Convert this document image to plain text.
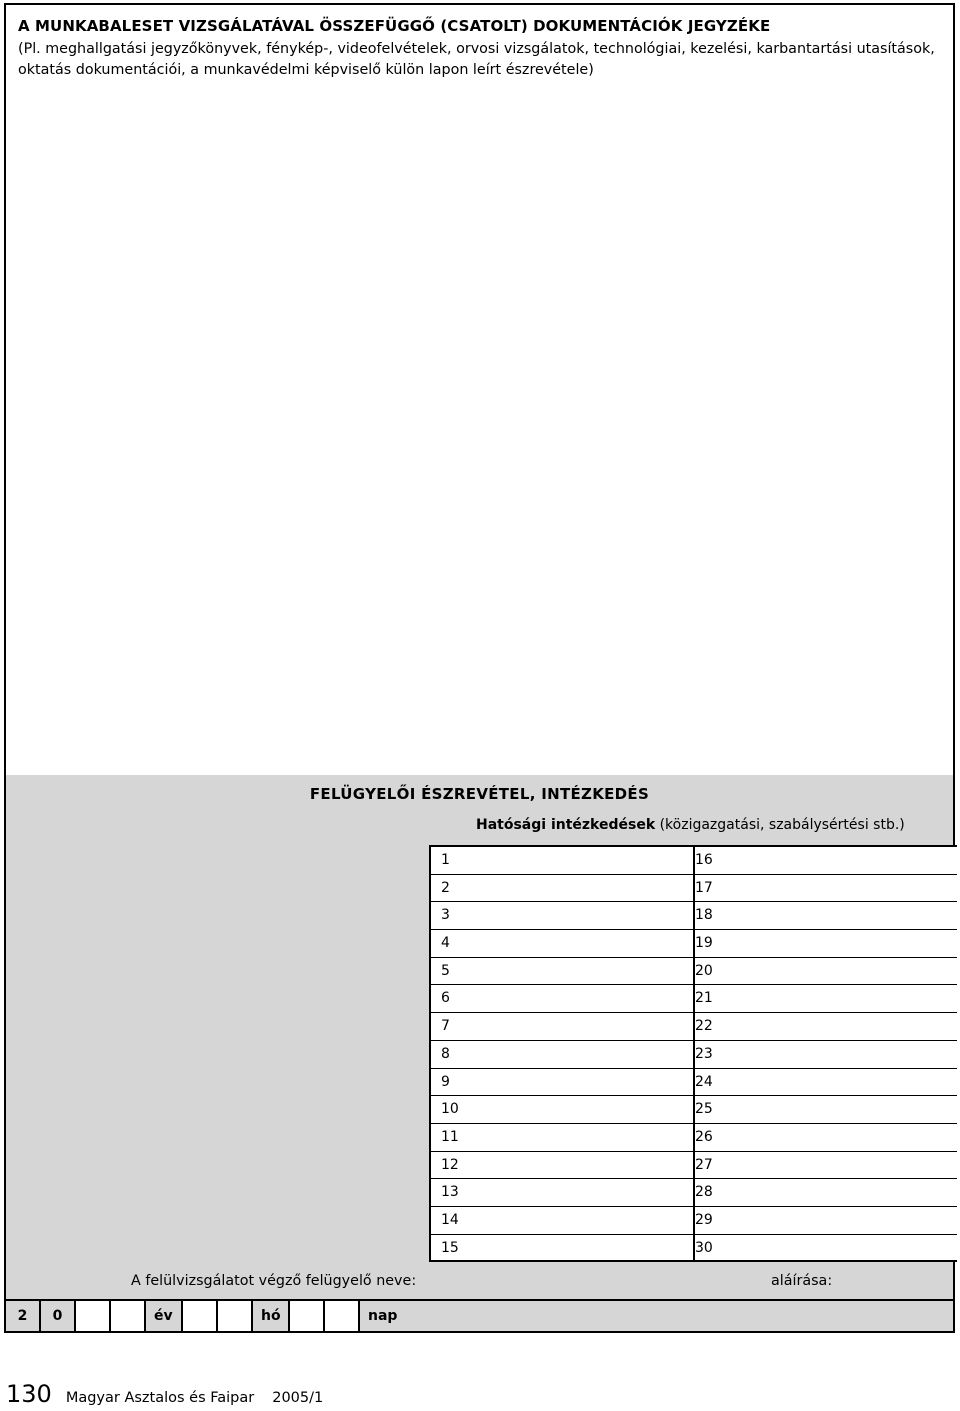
A MUNKABALESET VIZSGÁLATÁVAL ÖSSZEFÜGGŐ (CSATOLT) DOKUMENTÁCIÓK JEGYZÉKE
(Pl. meghallgatási jegyzőkönyvek, fénykép-, videofelvételek, orvosi vizsgálatok, technológiai, kezelési, karbantartási utasítások, oktatás dokumentációi, a munkavédelmi képviselő külön lapon leírt észrevétele)
FELÜGYELŐI ÉSZREVÉTEL, INTÉZKEDÉS
Hatósági intézkedések (közigazgatási, szabálysértési stb.)
1	16
2	17
3	18
4	19
5	20
6	21
7	22
8	23
9	24
10	25
11	26
12	27
13	28
14	29
15	30
A felülvizsgálatot végző felügyelő neve:	aláírása:
2	0	év	hó	nap
130 Magyar Asztalos és Faipar 2005/1
